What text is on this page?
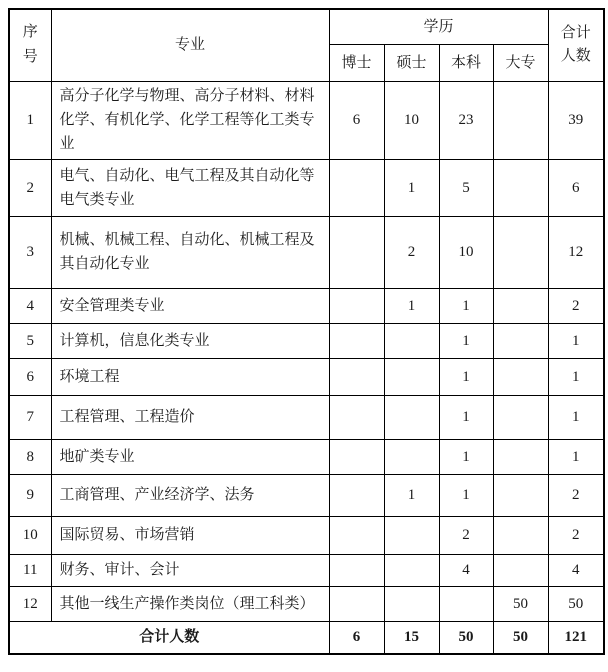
序号	专业	学历				合计人数
		博士	硕士	本科	大专	
1	高分子化学与物理、高分子材料、材料化学、有机化学、化学工程等化工类专业	6	10	23		39
2	电气、自动化、电气工程及其自动化等电气类专业		1	5		6
3	机械、机械工程、自动化、机械工程及其自动化专业		2	10		12
4	安全管理类专业		1	1		2
5	计算机，信息化类专业			1		1
6	环境工程			1		1
7	工程管理、工程造价			1		1
8	地矿类专业			1		1
9	工商管理、产业经济学、法务		1	1		2
10	国际贸易、市场营销			2		2
11	财务、审计、会计			4		4
12	其他一线生产操作类岗位（理工科类）				50	50
合计人数		6	15	50	50	121
